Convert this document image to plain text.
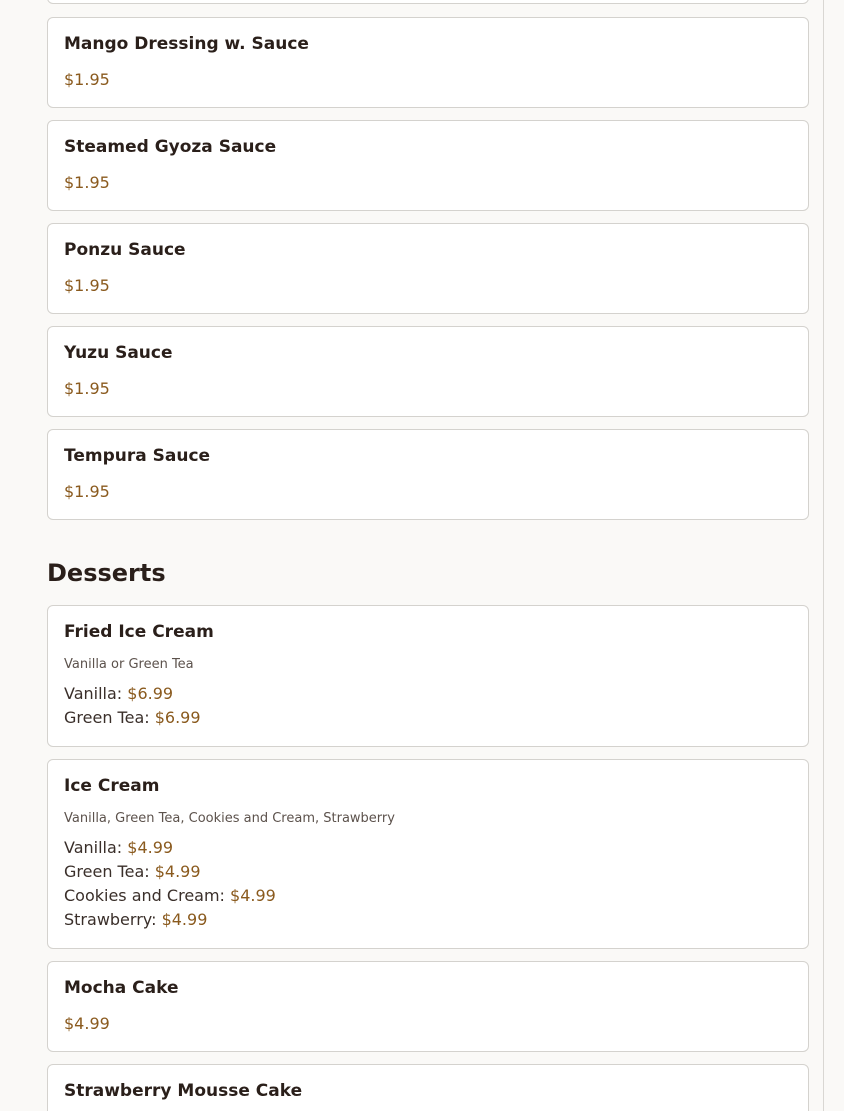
Mango Dressing w. Sauce
$1.95
Steamed Gyoza Sauce
$1.95
Ponzu Sauce
$1.95
Yuzu Sauce
$1.95
Tempura Sauce
$1.95
Desserts
Fried Ice Cream
Vanilla or Green Tea
Vanilla: $6.99
Green Tea: $6.99
Ice Cream
Vanilla, Green Tea, Cookies and Cream, Strawberry
Vanilla: $4.99
Green Tea: $4.99
Cookies and Cream: $4.99
Strawberry: $4.99
Mocha Cake
$4.99
Strawberry Mousse Cake
